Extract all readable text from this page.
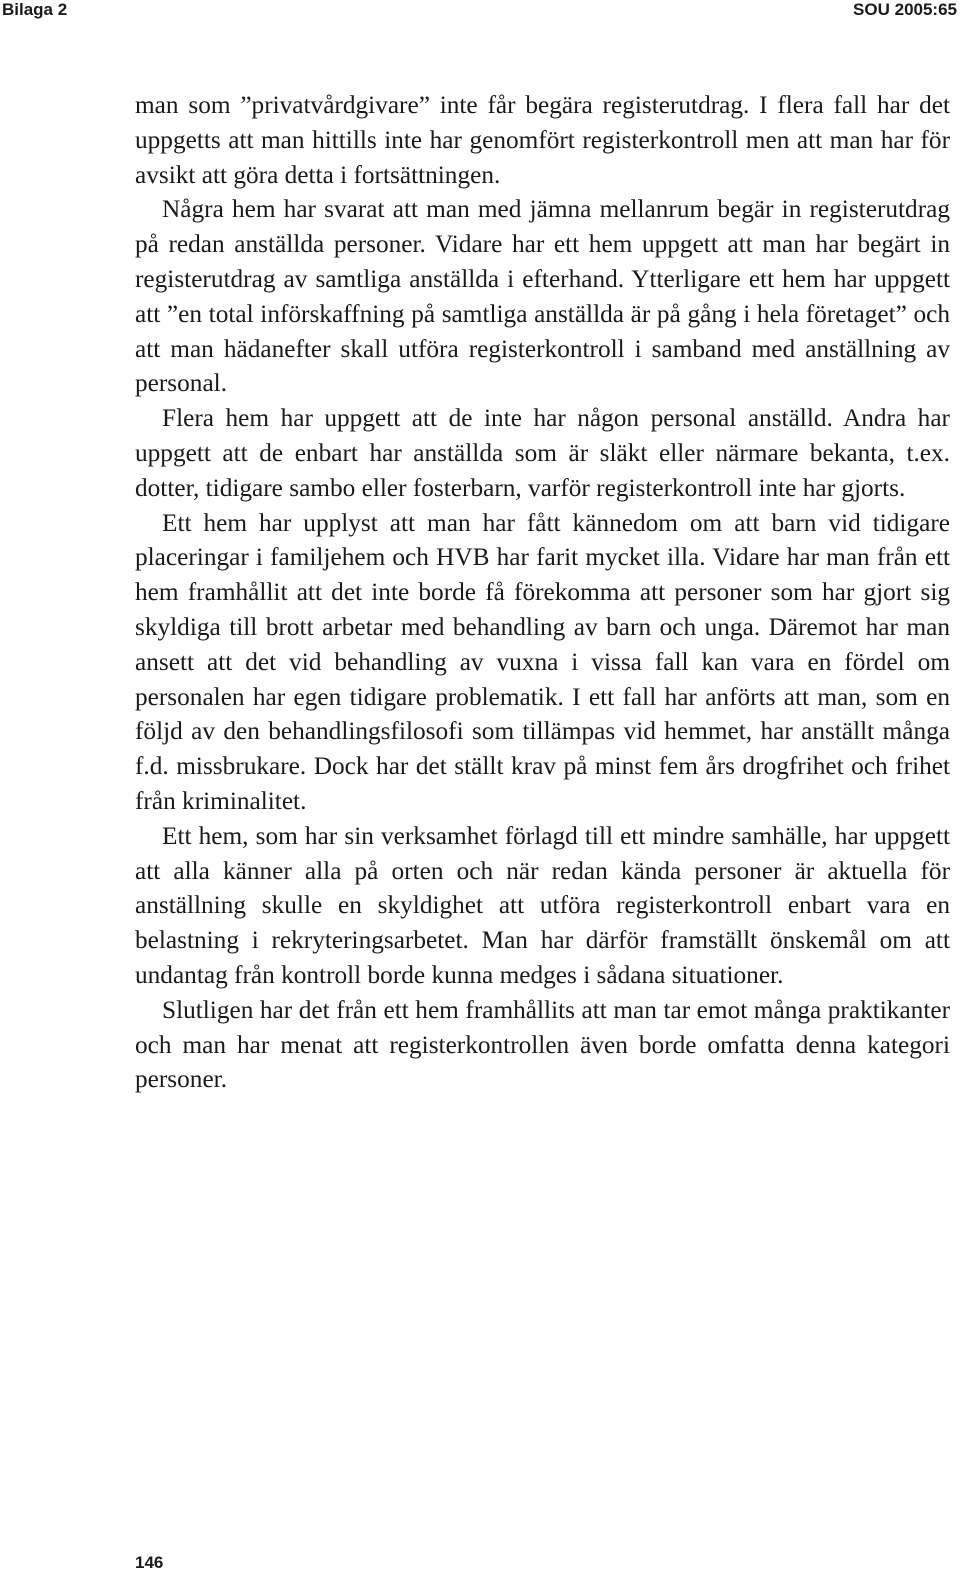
Bilaga 2	SOU 2005:65

man som ”privatvårdgivare” inte får begära registerutdrag. I flera fall har det uppgetts att man hittills inte har genomfört registerkontroll men att man har för avsikt att göra detta i fortsättningen.

Några hem har svarat att man med jämna mellanrum begär in registerutdrag på redan anställda personer. Vidare har ett hem uppgett att man har begärt in registerutdrag av samtliga anställda i efterhand. Ytterligare ett hem har uppgett att ”en total införskaffning på samtliga anställda är på gång i hela företaget” och att man hädanefter skall utföra registerkontroll i samband med anställning av personal.

Flera hem har uppgett att de inte har någon personal anställd. Andra har uppgett att de enbart har anställda som är släkt eller närmare bekanta, t.ex. dotter, tidigare sambo eller fosterbarn, varför registerkontroll inte har gjorts.

Ett hem har upplyst att man har fått kännedom om att barn vid tidigare placeringar i familjehem och HVB har farit mycket illa. Vidare har man från ett hem framhållit att det inte borde få förekomma att personer som har gjort sig skyldiga till brott arbetar med behandling av barn och unga. Däremot har man ansett att det vid behandling av vuxna i vissa fall kan vara en fördel om personalen har egen tidigare problematik. I ett fall har anförts att man, som en följd av den behandlingsfilosofi som tillämpas vid hemmet, har anställt många f.d. missbrukare. Dock har det ställt krav på minst fem års drogfrihet och frihet från kriminalitet.

Ett hem, som har sin verksamhet förlagd till ett mindre samhälle, har uppgett att alla känner alla på orten och när redan kända personer är aktuella för anställning skulle en skyldighet att utföra registerkontroll enbart vara en belastning i rekryteringsarbetet. Man har därför framställt önskemål om att undantag från kontroll borde kunna medges i sådana situationer.

Slutligen har det från ett hem framhållits att man tar emot många praktikanter och man har menat att registerkontrollen även borde omfatta denna kategori personer.

146
